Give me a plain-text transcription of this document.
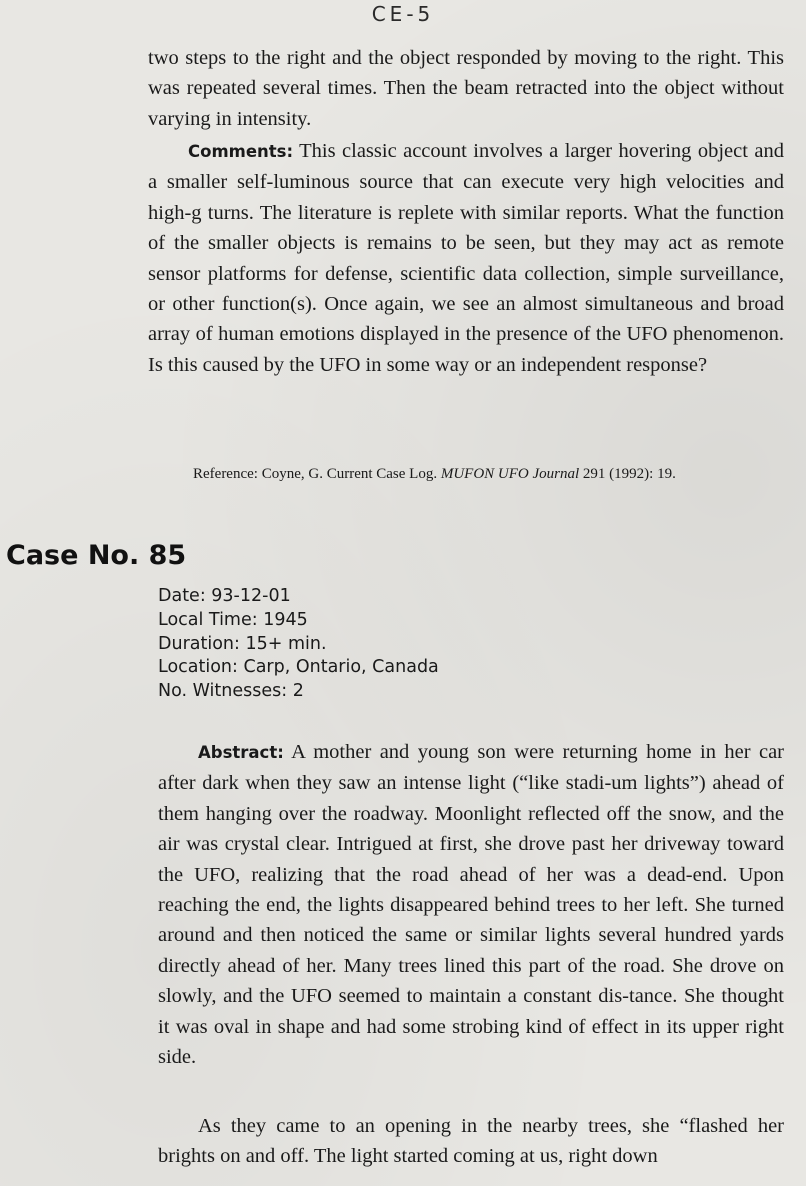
CE-5

two steps to the right and the object responded by moving to the right. This was repeated several times. Then the beam retracted into the object without varying in intensity.

Comments: This classic account involves a larger hovering object and a smaller self-luminous source that can execute very high velocities and high-g turns. The literature is replete with similar reports. What the function of the smaller objects is remains to be seen, but they may act as remote sensor platforms for defense, scientific data collection, simple surveillance, or other function(s). Once again, we see an almost simultaneous and broad array of human emotions displayed in the presence of the UFO phenomenon. Is this caused by the UFO in some way or an independent response?

Reference: Coyne, G. Current Case Log. MUFON UFO Journal 291 (1992): 19.
Case No. 85
Date: 93-12-01
Local Time: 1945
Duration: 15+ min.
Location: Carp, Ontario, Canada
No. Witnesses: 2

Abstract: A mother and young son were returning home in her car after dark when they saw an intense light (“like stadi-um lights”) ahead of them hanging over the roadway. Moonlight reflected off the snow, and the air was crystal clear. Intrigued at first, she drove past her driveway toward the UFO, realizing that the road ahead of her was a dead-end. Upon reaching the end, the lights disappeared behind trees to her left. She turned around and then noticed the same or similar lights several hundred yards directly ahead of her. Many trees lined this part of the road. She drove on slowly, and the UFO seemed to maintain a constant dis-tance. She thought it was oval in shape and had some strobing kind of effect in its upper right side.

As they came to an opening in the nearby trees, she “flashed her brights on and off. The light started coming at us, right down
